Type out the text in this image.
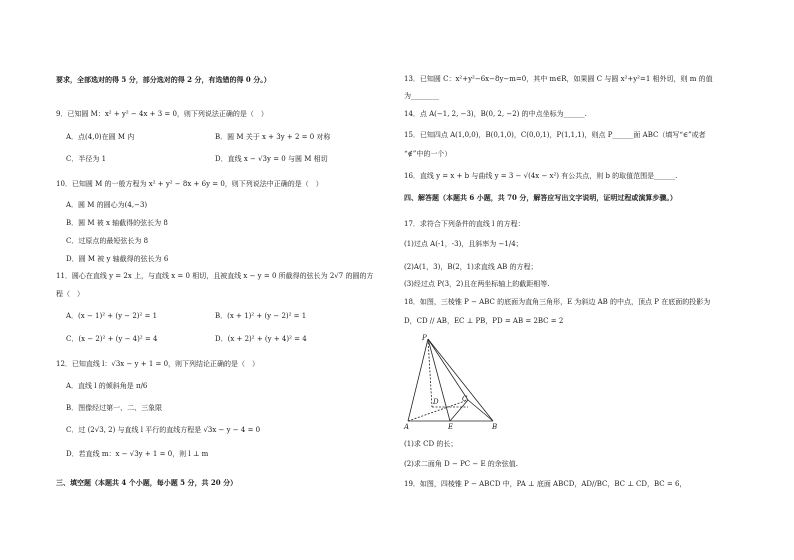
要求，全部选对的得 5 分，部分选对的得 2 分，有选错的得 0 分。）
9．已知圆 M：x² + y² − 4x + 3 = 0，则下列说法正确的是（　）
A．点(4,0)在圆 M 内	B．圆 M 关于 x + 3y + 2 = 0 对称
C．半径为 1	D．直线 x − √3y = 0 与圆 M 相切
10．已知圆 M 的一般方程为 x² + y² − 8x + 6y = 0，则下列说法中正确的是（　）
A．圆 M 的圆心为(4,−3)
B．圆 M 被 x 轴截得的弦长为 8
C．过原点的最短弦长为 8
D．圆 M 被 y 轴截得的弦长为 6
11．圆心在直线 y = 2x 上，与直线 x = 0 相切，且被直线 x − y = 0 所截得的弦长为 2√7 的圆的方
程（　）
A．(x − 1)² + (y − 2)² = 1	B．(x + 1)² + (y − 2)² = 1
C．(x − 2)² + (y − 4)² = 4	D．(x + 2)² + (y + 4)² = 4
12．已知直线 l：√3x − y + 1 = 0，则下列结论正确的是（　）
A．直线 l 的倾斜角是 π/6
B．图像经过第一、二、三象限
C．过 (2√3, 2) 与直线 l 平行的直线方程是 √3x − y − 4 = 0
D．若直线 m：x − √3y + 1 = 0，则 l ⊥ m
三、填空题（本题共 4 个小题，每小题 5 分，共 20 分）
13．已知圆 C：x²+y²−6x−8y−m=0，其中 m∈R，如果圆 C 与圆 x²+y²=1 相外切，则 m 的值
为________
14．点 A(−1, 2, −3)，B(0, 2, −2) 的中点坐标为______.
15．已知四点 A(1,0,0)，B(0,1,0)，C(0,0,1)，P(1,1,1)，则点 P______面 ABC（填写“∈”或者
“∉”中的一个）
16．直线 y = x + b 与曲线 y = 3 − √(4x − x²) 有公共点，则 b 的取值范围是______.
四、解答题（本题共 6 小题，共 70 分，解答应写出文字说明，证明过程或演算步骤。）
17．求符合下列条件的直线 l 的方程：
(1)过点 A(-1，-3)，且斜率为 −1/4；
(2)A(1，3)，B(2，1)求直线 AB 的方程；
(3)经过点 P(3，2)且在两坐标轴上的截距相等.
18．如图，三棱锥 P − ABC 的底面为直角三角形，E 为斜边 AB 的中点，顶点 P 在底面的投影为
D，CD // AB，EC ⊥ PB，PD = AB = 2BC = 2
P
D	C
A	E	B
(1)求 CD 的长；
(2)求二面角 D − PC − E 的余弦值.
19．如图，四棱锥 P − ABCD 中，PA ⊥ 底面 ABCD，AD//BC，BC ⊥ CD，BC = 6，
